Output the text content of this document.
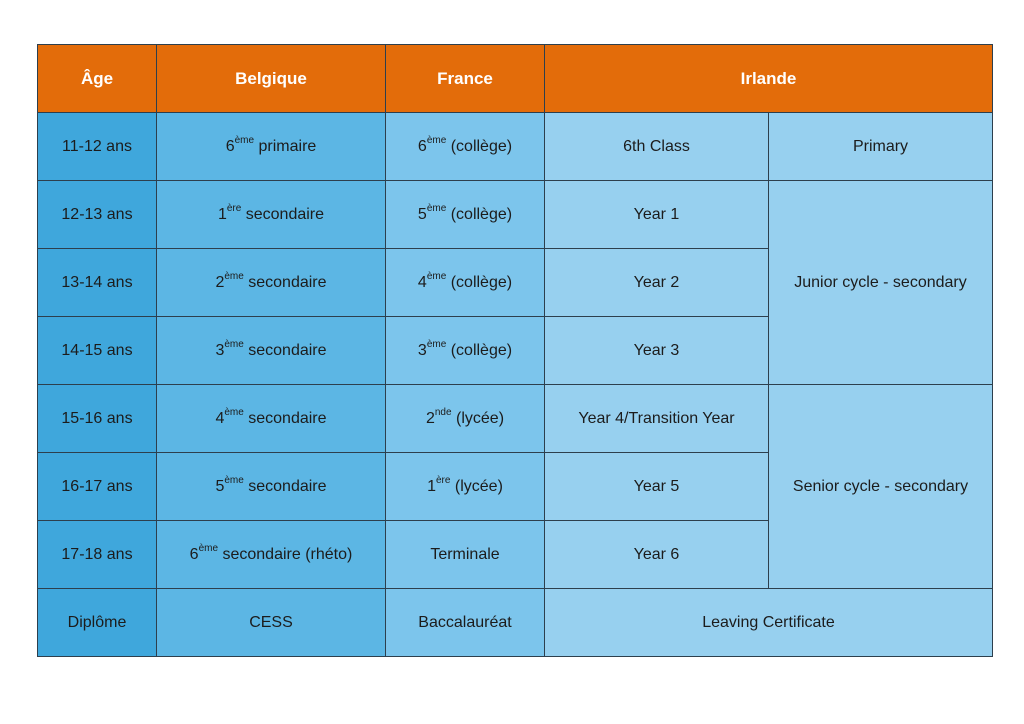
Âge	Belgique	France	Irlande	
11-12 ans	6ème primaire	6ème (collège)	6th Class	Primary
12-13 ans	1ère secondaire	5ème (collège)	Year 1	Junior cycle - secondary
13-14 ans	2ème secondaire	4ème (collège)	Year 2	
14-15 ans	3ème secondaire	3ème (collège)	Year 3	
15-16 ans	4ème secondaire	2nde (lycée)	Year 4/Transition Year	Senior cycle - secondary
16-17 ans	5ème secondaire	1ère (lycée)	Year 5	
17-18 ans	6ème secondaire (rhéto)	Terminale	Year 6	
Diplôme	CESS	Baccalauréat	Leaving Certificate	
